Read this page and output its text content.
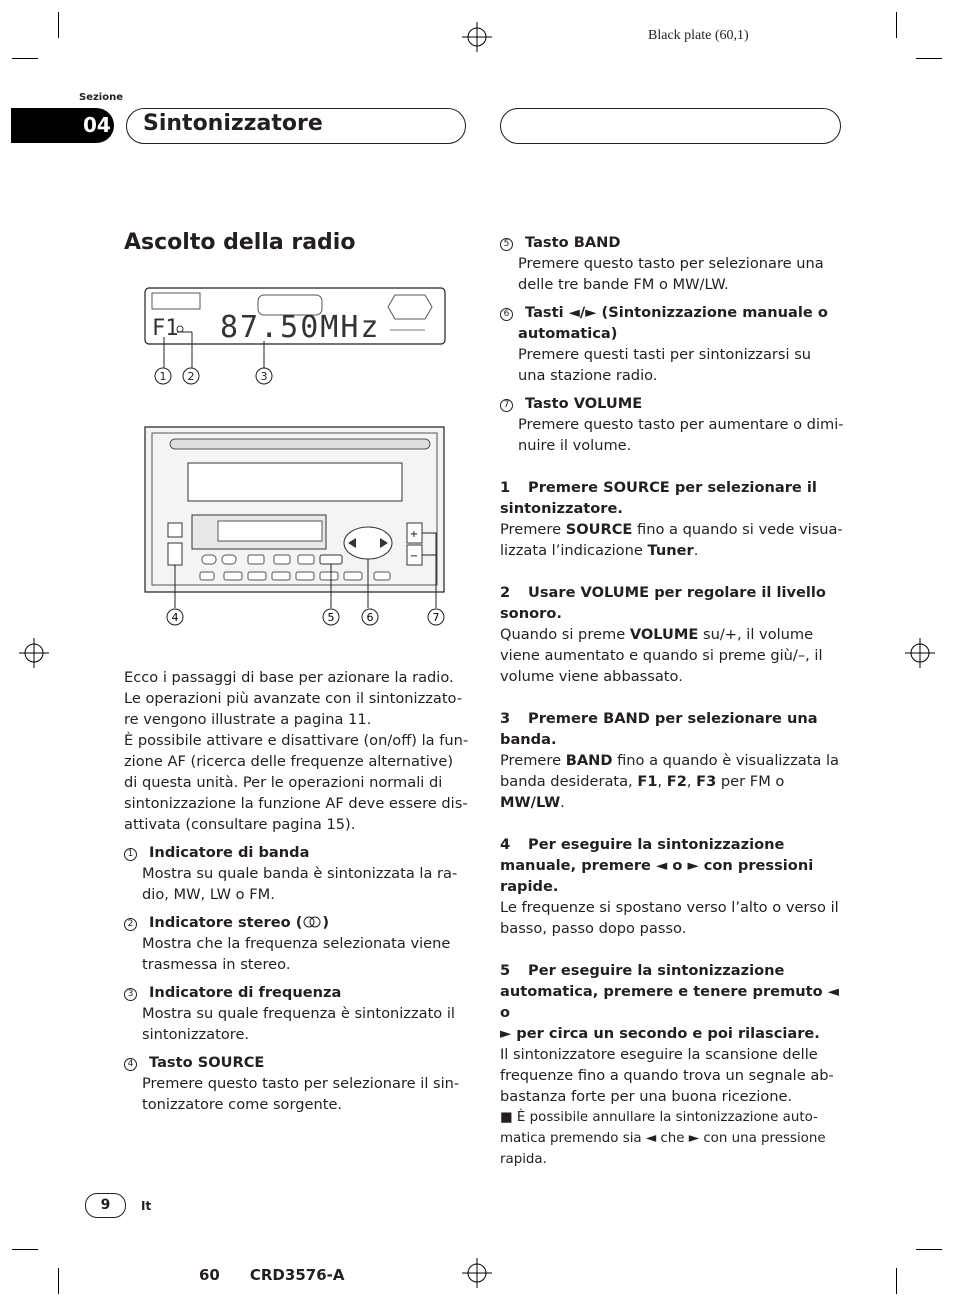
Black plate (60,1)
Sezione
04 Sintonizzatore
Ascolto della radio
F1 87.50MHz
1 2	3
+
−
4	5	6	7

Ecco i passaggi di base per azionare la radio.

Le operazioni più avanzate con il sintonizzato-

re vengono illustrate a pagina 11.

È possibile attivare e disattivare (on/off) la fun-

zione AF (ricerca delle frequenze alternative)

di questa unità. Per le operazioni normali di

sintonizzazione la funzione AF deve essere dis-

attivata (consultare pagina 15).

1 Indicatore di banda

Mostra su quale banda è sintonizzata la ra-

dio, MW, LW o FM.

2 Indicatore stereo ( )

Mostra che la frequenza selezionata viene

trasmessa in stereo.

3 Indicatore di frequenza

Mostra su quale frequenza è sintonizzato il

sintonizzatore.

4 Tasto SOURCE

Premere questo tasto per selezionare il sin-

tonizzatore come sorgente.

5 Tasto BAND

Premere questo tasto per selezionare una

delle tre bande FM o MW/LW.

6 Tasti ◄/► (Sintonizzazione manuale o

automatica)

Premere questi tasti per sintonizzarsi su

una stazione radio.

7 Tasto VOLUME

Premere questo tasto per aumentare o dimi-

nuire il volume.

1 Premere SOURCE per selezionare il

sintonizzatore.

Premere SOURCE fino a quando si vede visua-

lizzata l’indicazione Tuner.

2 Usare VOLUME per regolare il livello

sonoro.

Quando si preme VOLUME su/+, il volume

viene aumentato e quando si preme giù/–, il

volume viene abbassato.

3 Premere BAND per selezionare una

banda.

Premere BAND fino a quando è visualizzata la

banda desiderata, F1, F2, F3 per FM o

MW/LW.

4 Per eseguire la sintonizzazione

manuale, premere ◄ o ► con pressioni

rapide.

Le frequenze si spostano verso l’alto o verso il

basso, passo dopo passo.

5 Per eseguire la sintonizzazione

automatica, premere e tenere premuto ◄ o

► per circa un secondo e poi rilasciare.

Il sintonizzatore eseguire la scansione delle

frequenze fino a quando trova un segnale ab-

bastanza forte per una buona ricezione.

■ È possibile annullare la sintonizzazione auto-

matica premendo sia ◄ che ► con una pressione

rapida.

9	It
60 CRD3576-A
